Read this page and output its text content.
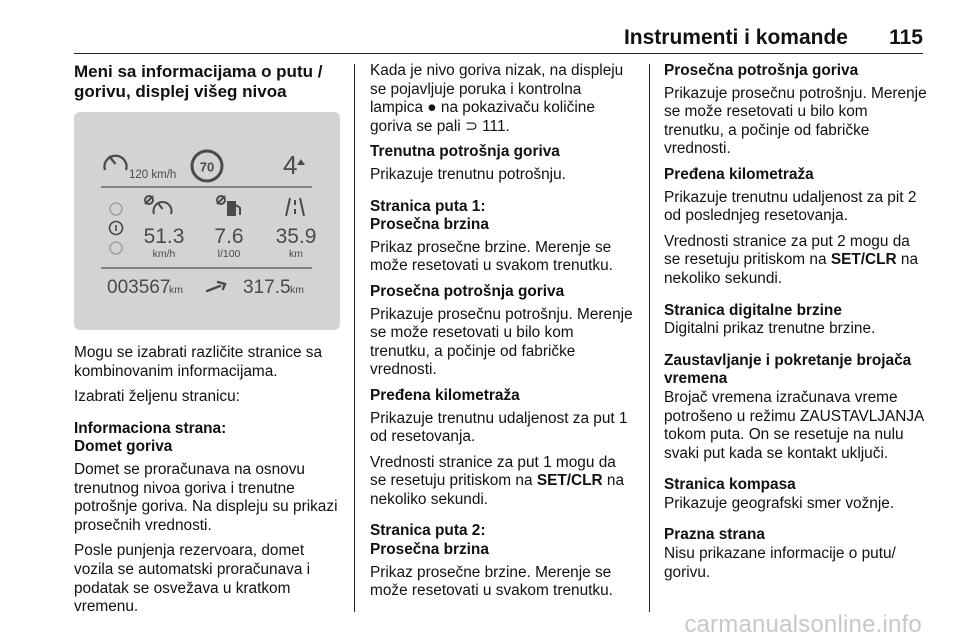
Instrumenti i komande 115
Meni sa informacijama o putu / gorivu, displej višeg nivoa
120 km/h
70	4
51.3
km/h
7.6
l/100
35.9
km
003567
km	317.5 km

Mogu se izabrati različite stranice sa kombinovanim informacijama.

Izabrati željenu stranicu:

Informaciona strana:

Domet goriva

Domet se proračunava na osnovu trenutnog nivoa goriva i trenutne potrošnje goriva. Na displeju su prikazi prosečnih vrednosti.

Posle punjenja rezervoara, domet vozila se automatski proračunava i podatak se osvežava u kratkom vremenu.

Kada je nivo goriva nizak, na displeju se pojavljuje poruka i kontrolna lampica ● na pokazivaču količine goriva se pali ⊃ 111.

Trenutna potrošnja goriva

Prikazuje trenutnu potrošnju.

Stranica puta 1:

Prosečna brzina

Prikaz prosečne brzine. Merenje se može resetovati u svakom trenutku.

Prosečna potrošnja goriva

Prikazuje prosečnu potrošnju. Merenje se može resetovati u bilo kom trenutku, a počinje od fabričke vrednosti.

Pređena kilometraža

Prikazuje trenutnu udaljenost za put 1 od resetovanja.

Vrednosti stranice za put 1 mogu da se resetuju pritiskom na SET/CLR na nekoliko sekundi.

Stranica puta 2:

Prosečna brzina

Prikaz prosečne brzine. Merenje se može resetovati u svakom trenutku.

Prosečna potrošnja goriva

Prikazuje prosečnu potrošnju. Merenje se može resetovati u bilo kom trenutku, a počinje od fabričke vrednosti.

Pređena kilometraža

Prikazuje trenutnu udaljenost za pit 2 od poslednjeg resetovanja.

Vrednosti stranice za put 2 mogu da se resetuju pritiskom na SET/CLR na nekoliko sekundi.

Stranica digitalne brzine

Digitalni prikaz trenutne brzine.

Zaustavljanje i pokretanje brojača vremena

Brojač vremena izračunava vreme potrošeno u režimu ZAUSTAVLJANJA tokom puta. On se resetuje na nulu svaki put kada se kontakt uključi.

Stranica kompasa

Prikazuje geografski smer vožnje.

Prazna strana

Nisu prikazane informacije o putu/ gorivu.

carmanualsonline.info
